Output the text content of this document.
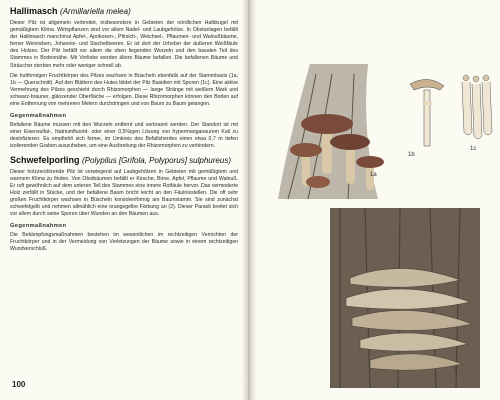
Hallimasch (Armillariella melea)

Dieser Pilz ist allgemein verbreitet, insbesondere in Gebieten der nördlichen Halbkugel mit gemäßigtem Klima. Wirtspflanzen sind vor allem Nadel- und Laubgehölze. In Obstanlagen befällt der Hallimasch manchmal Apfel-, Aprikosen-, Pfirsich-, Weichsel-, Pflaumen- und Walnußbäume, ferner Weinreben, Johannis- und Stachelbeeren. Er ist dort der Urheber der äußeren Weißfäule des Holzes. Der Pilz befällt vor allem die oben liegenden Wurzeln und den basalen Teil des Stammes in Bodennähe. Mit Vorliebe werden ältere Bäume befallen. Die befallenen Bäume und Sträucher sterben mehr oder weniger schnell ab.

Die hutförmigen Fruchtkörper des Pilzes wachsen in Büscheln ebenfalls auf der Stammbasis (1a; 1b — Querschnitt). Auf den Blättern des Hutes bildet der Pilz Basidien mit Sporen (1c). Eine aktive Vermehrung des Pilzes geschieht durch Rhizomorphen — lange Stränge mit weißem Mark und schwarz-brauner, glänzender Oberfläche — erfolgen. Diese Rhizomorphen können den Boden auf eine Entfernung von mehreren Metern durchdringen und von Baum zu Baum gelangen.

Gegenmaßnahmen

Befallene Bäume müssen mit den Wurzeln entfernt und verbrannt werden. Der Standort ist mit einer Eisensulfat-, Natriumfluorid- oder einer 0,5%igen Lösung von hypermanganaurem Kali zu desinfizieren. Es empfiehlt sich ferner, im Umkreis des Befallsherdes einen etwa 0,7 m tiefen isolierenden Graben auszuheben, um eine Ausbreitung der Rhizomorphen zu verhindern.

Schwefelporling (Polypilus [Grifola, Polyporus] sulphureus)

Dieser holzzerstörende Pilz ist vorwiegend auf Laubgehölzen in Gebieten mit gemäßigtem und warmem Klima zu finden. Von Obstbäumen befällt er Kirsche, Birne, Apfel, Pflaume und Walnuß. Er ruft gewöhnlich auf dem unteren Teil des Stammes eine innere Rotfäule hervor. Das vermoderte Holz zerfällt in Stücke, und der befallene Baum bricht leicht an den Fäulnisstellen. Die oft sehr großen Fruchtkörper wachsen in Büscheln konsolenförmig am Baumstamm. Sie sind zunächst schwefelgelb und nehmen allmählich eine orangegelbe Färbung an (2). Dieser Parasit breitet sich vor allem durch seine Sporen über Wunden an den Bäumen aus.

Gegenmaßnahmen

Die Bekämpfungsmaßnahmen bestehen im wesentlichen im rechtzeitigen Vernichten der Fruchtkörper und in der Vermeidung von Verletzungen der Bäume sowie in einem rechtzeitigen Wundverschluß.

100
1a
1b
1c
2
